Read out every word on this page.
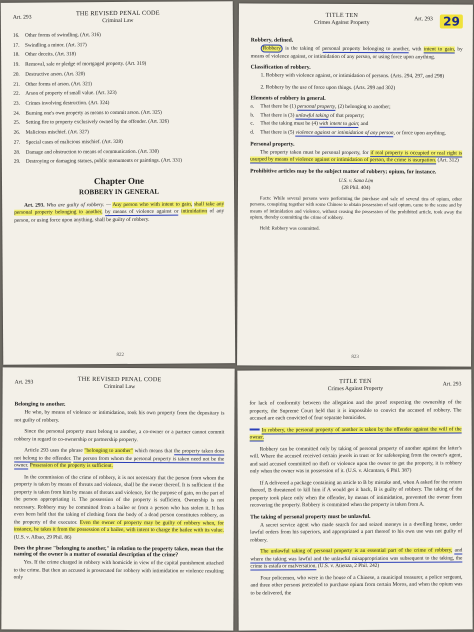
Art. 293
THE REVISED PENAL CODE
Criminal Law
16.	Other forms of swindling. (Art. 316)
17.	Swindling a minor. (Art. 317)
18.	Other deceits. (Art. 318)
19.	Removal, sale or pledge of mortgaged property. (Art. 319)
20.	Destructive arson. (Art. 320)
21.	Other forms of arson. (Art. 321)
22.	Arson of property of small value. (Art. 323)
23.	Crimes involving destruction. (Art. 324)
24.	Burning one's own property as means to commit arson. (Art. 325)
25.	Setting fire to property exclusively owned by the offender. (Art. 326)
26.	Malicious mischief. (Art. 327)
27.	Special cases of malicious mischief. (Art. 328)
28.	Damage and obstruction to means of communication. (Art. 330)
29.	Destroying or damaging statues, public monuments or paintings. (Art. 331)
Chapter One
ROBBERY IN GENERAL

Art. 293. Who are guilty of robbery. — Any person who with intent to gain, shall take any personal property belonging to another, by means of violence against or intimidation of any person, or using force upon anything, shall be guilty of robbery.

822
TITLE TEN
Crimes Against Property
Art. 293 29
Robbery, defined.

Robbery is the taking of personal property belonging to another, with intent to gain, by means of violence against, or intimidation of any person, or using force upon anything.

Classification of robbery.

1. Robbery with violence against, or intimidation of persons. (Arts. 294, 297, and 298)

2. Robbery by the use of force upon things. (Arts. 299 and 302)

Elements of robbery in general.
a.	That there be (1) personal property, (2) belonging to another;
b.	That there is (3) unlawful taking of that property;
c.	That the taking must be (4) with intent to gain; and
d.	That there is (5) violence against or intimidation of any person, or force upon anything.
Personal property.

The property taken must be personal property, for if real property is occupied or real right is usurped by means of violence against or intimidation of person, the crime is usurpation. (Art. 312)

Prohibitive articles may be the subject matter of robbery; opium, for instance.
U.S. v. Sana Lim
(28 Phil. 404)

Facts: While several persons were performing the purchase and sale of several tins of opium, other persons, conspiring together with some Chinese to obtain possession of said opium, came to the scene and by means of intimidation and violence, without ceasing the possession of the prohibited article, took away the opium, thereby committing the crime of robbery.

Held: Robbery was committed.

823
Art. 293	THE REVISED PENAL CODE
Criminal Law
Belonging to another.

He who, by means of violence or intimidation, took his own property from the depositary is not guilty of robbery.

Since the personal property must belong to another, a co-owner or a partner cannot commit robbery in regard to co-ownership or partnership property.

Article 293 uses the phrase "belonging to another" which means that the property taken does not belong to the offender. The person from whom the personal property is taken need not be the owner. Possession of the property is sufficient.

In the commission of the crime of robbery, it is not necessary that the person from whom the property is taken by means of threats and violence, shall be the owner thereof. It is sufficient if the property is taken from him by means of threats and violence, for the purpose of gain, on the part of the person appropriating it. The possession of the property is sufficient. Ownership is not necessary. Robbery may be committed from a bailee or from a person who has stolen it. It has even been held that the taking of clothing from the body of a dead person constitutes robbery, as the property of the executor. Even the owner of property may be guilty of robbery when, for instance, he takes it from the possession of a bailee, with intent to charge the bailee with its value. (U.S. v. Albao, 29 Phil. 86)

Does the phrase "belonging to another," in relation to the property taken, mean that the naming of the owner is a matter of essential description of the crime?

Yes. If the crime charged in robbery with homicide in view of the capital punishment attached to the crime. But then an accused is prosecuted for robbery with intimidation or violence resulting only

TITLE TEN
Crimes Against Property
Art. 293

for lack of conformity between the allegation and the proof respecting the ownership of the property, the Supreme Court held that it is impossible to convict the accused of robbery. The accused are each convicted of four separate homicides.

In robbery, the personal property of another is taken by the offender against the will of the owner.

Robbery can be committed only by taking of personal property of another against the latter's will. Where the accused received certain jewels in trust or for safekeeping from the owner's agent, and said accused committed no theft or violence upon the owner to get the property, it is robbery only when the owner was in possession of it. (U.S. v. Alcantara, 6 Phil. 387)

If A delivered a package containing an article to B by mistake and, when A asked for the return thereof, B threatened to kill him if A would get it back, B is guilty of robbery. The taking of the property took place only when the offender, by means of intimidation, prevented the owner from recovering the property. Robbery is committed when the property is taken from A.

The taking of personal property must be unlawful.

A secret service agent who made search for and seized moneys in a dwelling house, under lawful orders from his superiors, and appropriated a part thereof to his own use was not guilty of robbery.

The unlawful taking of personal property is an essential part of the crime of robbery, and where the taking was lawful and the unlawful misappropriation was subsequent to the taking, the crime is estafa or malversation. (U.S. v. Atienza, 2 Phil. 242)

Four policemen, who were in the house of a Chinese, a municipal treasurer, a police sergeant, and three other persons pretended to purchase opium from certain Moros, and when the opium was to be delivered, the
